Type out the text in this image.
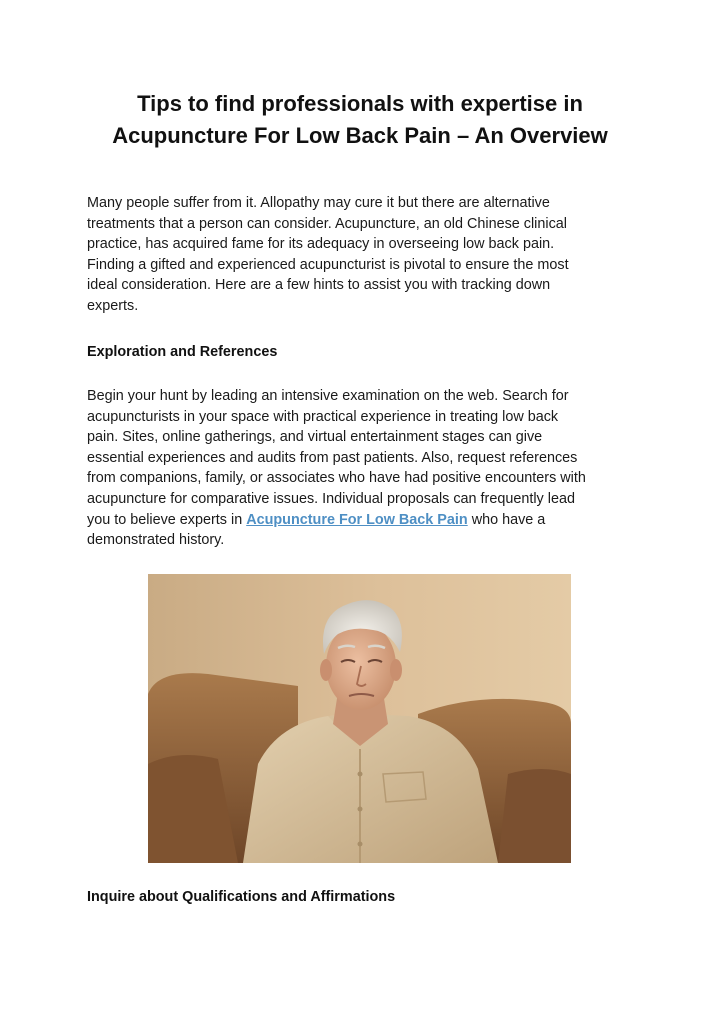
Tips to find professionals with expertise in
Acupuncture For Low Back Pain – An Overview

Many people suffer from it. Allopathy may cure it but there are alternative
treatments that a person can consider. Acupuncture, an old Chinese clinical
practice, has acquired fame for its adequacy in overseeing low back pain.
Finding a gifted and experienced acupuncturist is pivotal to ensure the most
ideal consideration. Here are a few hints to assist you with tracking down
experts.

Exploration and References

Begin your hunt by leading an intensive examination on the web. Search for
acupuncturists in your space with practical experience in treating low back
pain. Sites, online gatherings, and virtual entertainment stages can give
essential experiences and audits from past patients. Also, request references
from companions, family, or associates who have had positive encounters with
acupuncture for comparative issues. Individual proposals can frequently lead
you to believe experts in Acupuncture For Low Back Pain who have a
demonstrated history.

Inquire about Qualifications and Affirmations
